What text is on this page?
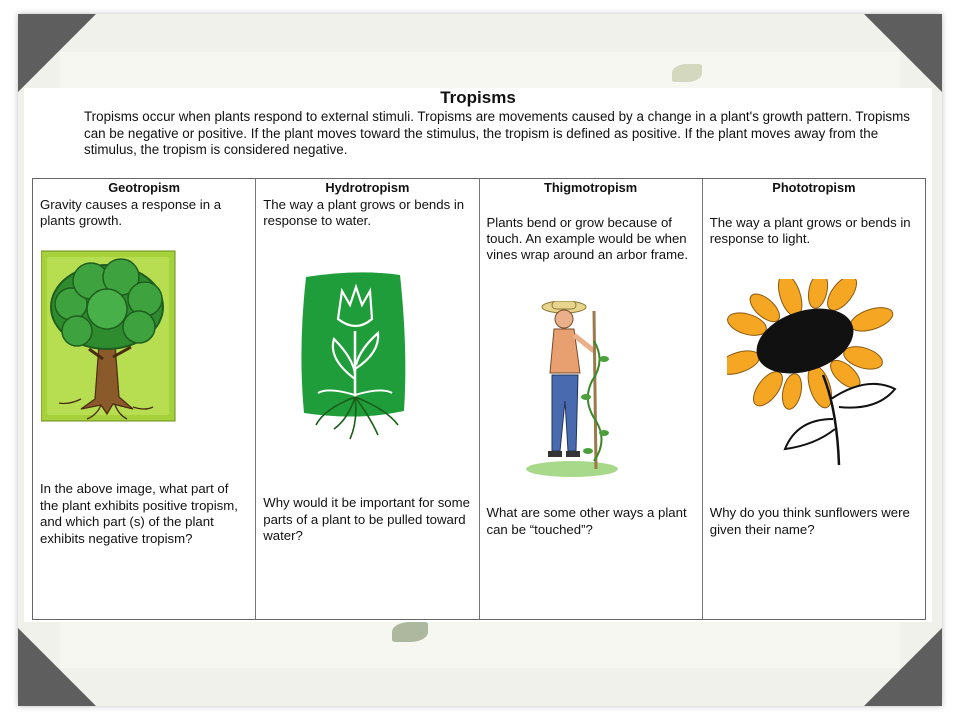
Tropisms
Tropisms occur when plants respond to external stimuli. Tropisms are movements caused by a change in a plant's growth pattern. Tropisms can be negative or positive. If the plant moves toward the stimulus, the tropism is defined as positive. If the plant moves away from the stimulus, the tropism is considered negative.
Geotropism
Gravity causes a response in a plants growth.
In the above image, what part of the plant exhibits positive tropism, and which part (s) of the plant exhibits negative tropism?
Hydrotropism
The way a plant grows or bends in response to water.
Why would it be important for some parts of a plant to be pulled toward water?
Thigmotropism
Plants bend or grow because of touch. An example would be when vines wrap around an arbor frame.
What are some other ways a plant can be “touched”?
Phototropism
The way a plant grows or bends in response to light.
Why do you think sunflowers were given their name?
